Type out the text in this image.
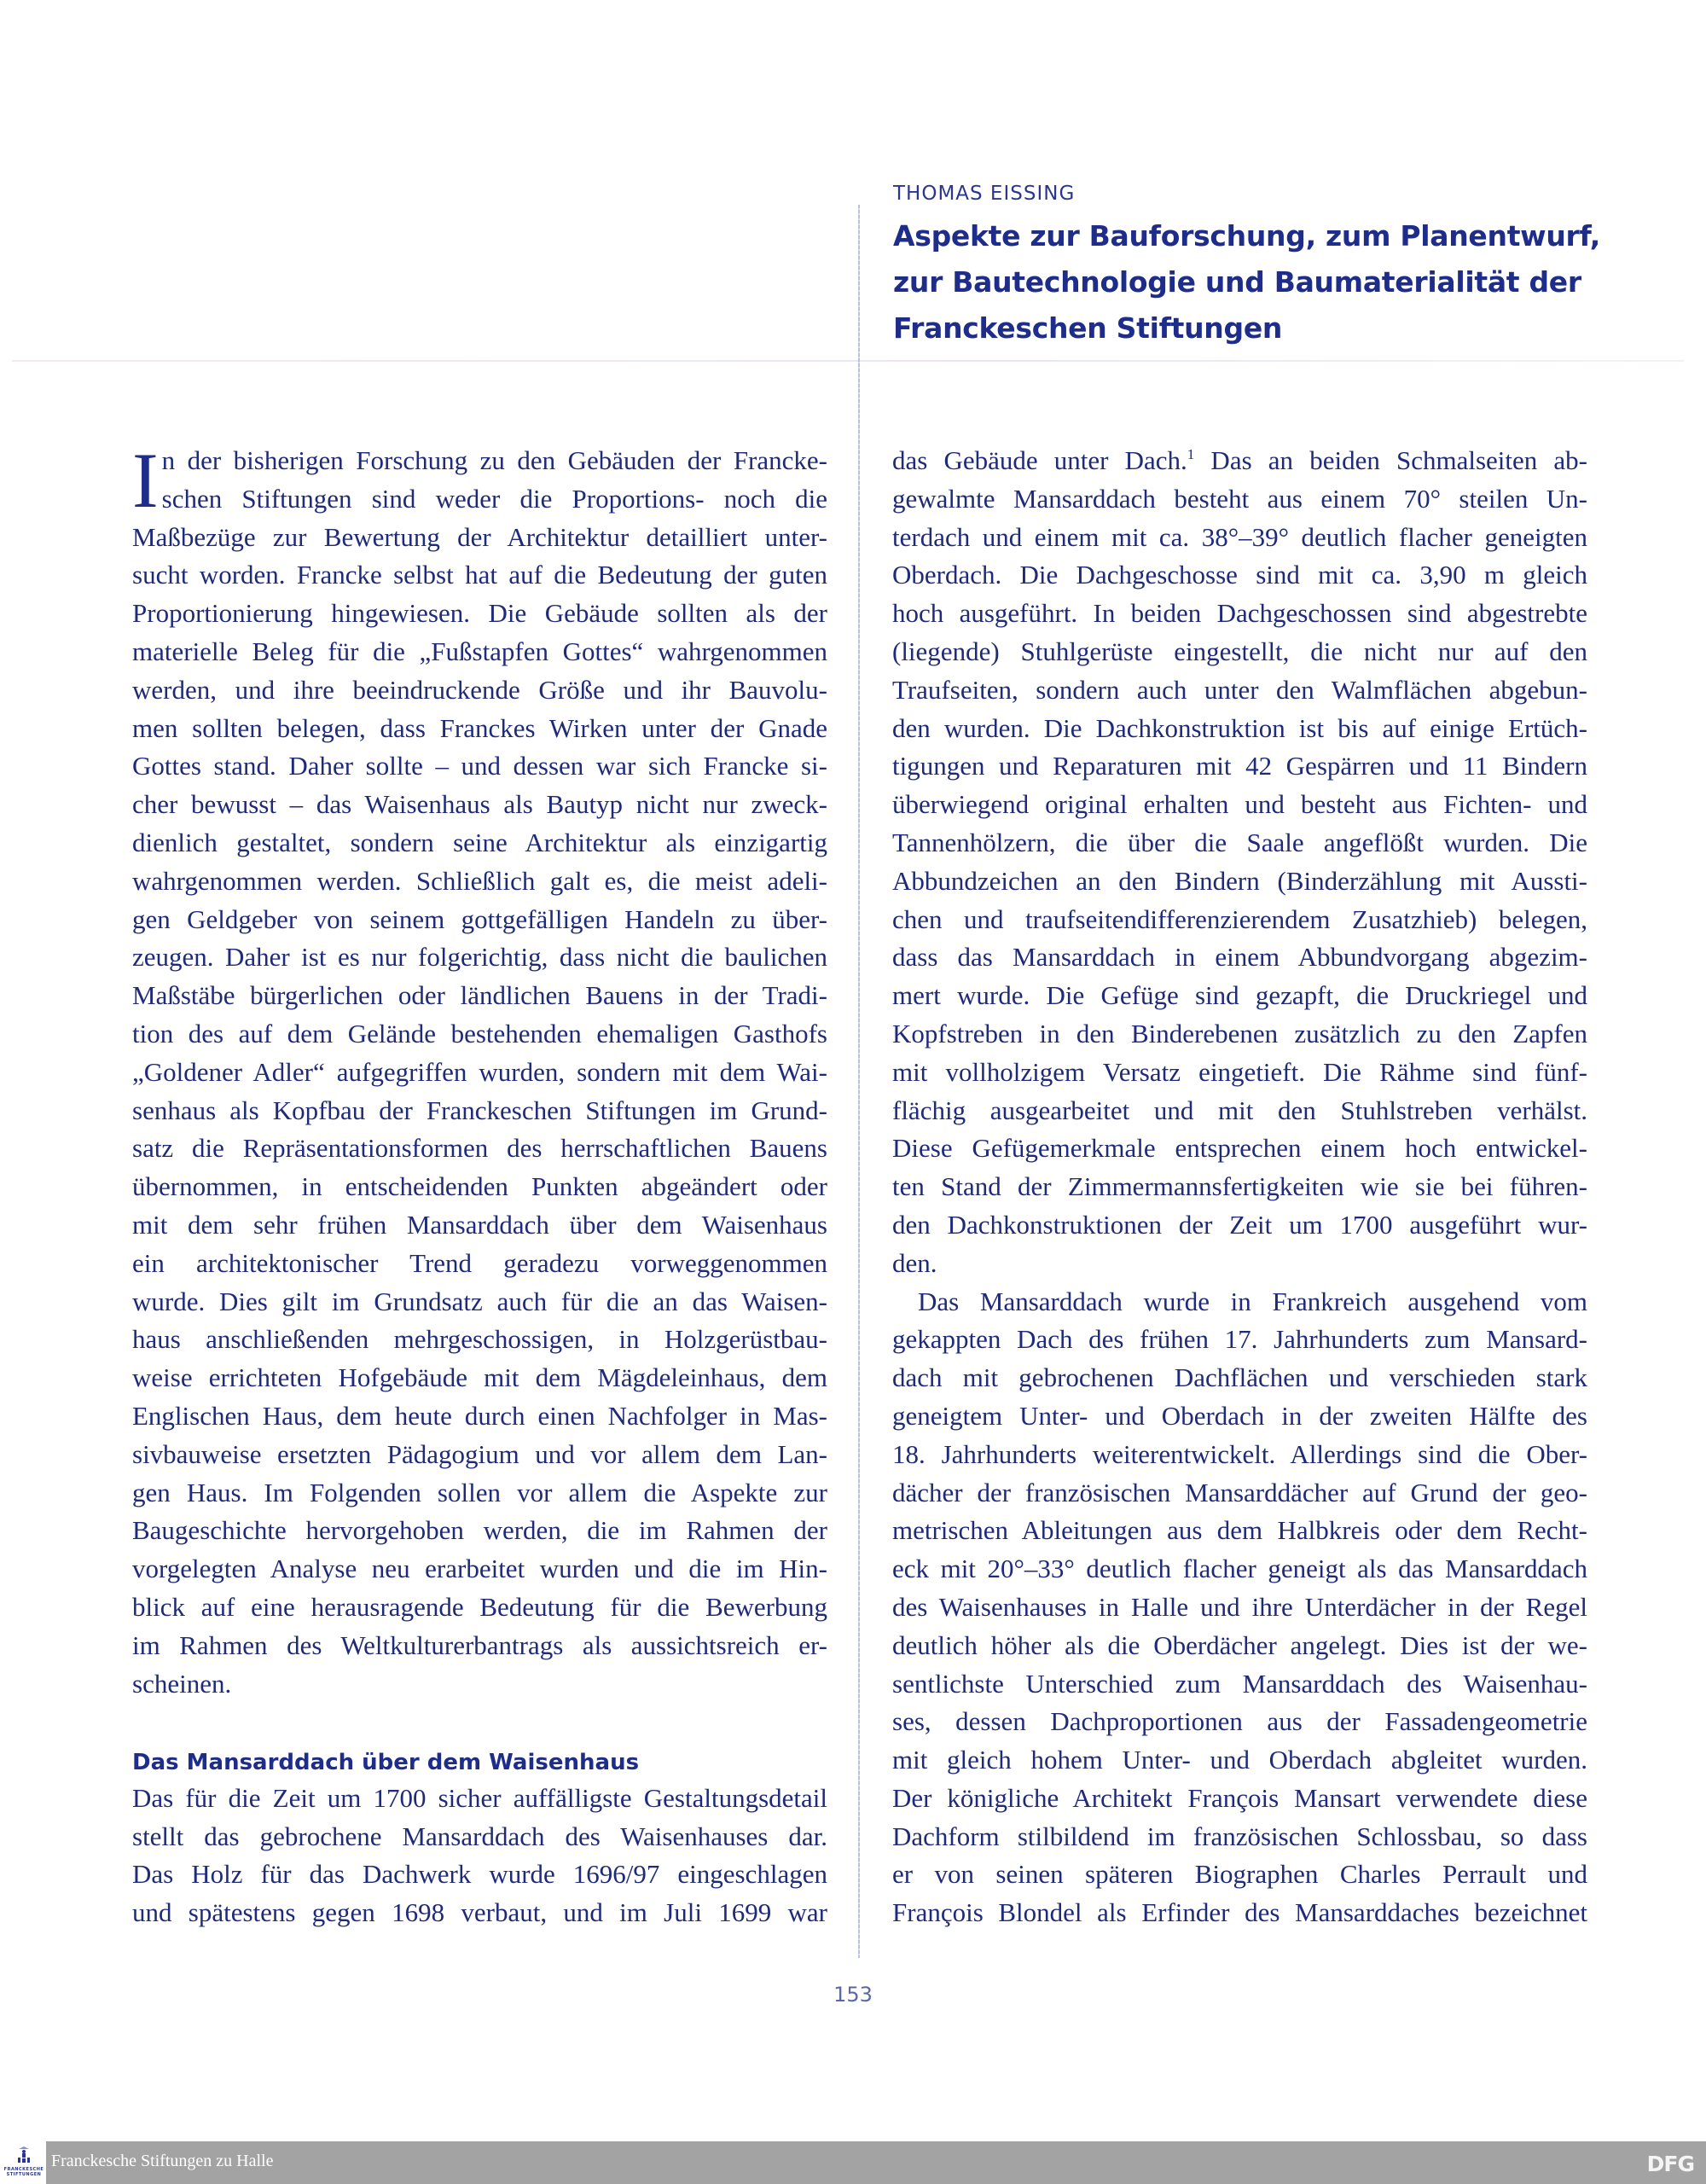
THOMAS EISSING
Aspekte zur Bauforschung, zum Planentwurf,
zur Bautechnologie und Baumaterialität der
Franckeschen Stiftungen
I n der bisherigen Forschung zu den Gebäuden der Francke-
schen Stiftungen sind weder die Proportions- noch die
Maßbezüge zur Bewertung der Architektur detailliert unter-
sucht worden. Francke selbst hat auf die Bedeutung der guten
Proportionierung hingewiesen. Die Gebäude sollten als der
materielle Beleg für die „Fußstapfen Gottes“ wahrgenommen
werden, und ihre beeindruckende Größe und ihr Bauvolu-
men sollten belegen, dass Franckes Wirken unter der Gnade
Gottes stand. Daher sollte – und dessen war sich Francke si-
cher bewusst – das Waisenhaus als Bautyp nicht nur zweck-
dienlich gestaltet, sondern seine Architektur als einzigartig
wahrgenommen werden. Schließlich galt es, die meist adeli-
gen Geldgeber von seinem gottgefälligen Handeln zu über-
zeugen. Daher ist es nur folgerichtig, dass nicht die baulichen
Maßstäbe bürgerlichen oder ländlichen Bauens in der Tradi-
tion des auf dem Gelände bestehenden ehemaligen Gasthofs
„Goldener Adler“ aufgegriffen wurden, sondern mit dem Wai-
senhaus als Kopfbau der Franckeschen Stiftungen im Grund-
satz die Repräsentationsformen des herrschaftlichen Bauens
übernommen, in entscheidenden Punkten abgeändert oder
mit dem sehr frühen Mansarddach über dem Waisenhaus
ein architektonischer Trend geradezu vorweggenommen
wurde. Dies gilt im Grundsatz auch für die an das Waisen-
haus anschließenden mehrgeschossigen, in Holzgerüstbau-
weise errichteten Hofgebäude mit dem Mägdeleinhaus, dem
Englischen Haus, dem heute durch einen Nachfolger in Mas-
sivbauweise ersetzten Pädagogium und vor allem dem Lan-
gen Haus. Im Folgenden sollen vor allem die Aspekte zur
Baugeschichte hervorgehoben werden, die im Rahmen der
vorgelegten Analyse neu erarbeitet wurden und die im Hin-
blick auf eine herausragende Bedeutung für die Bewerbung
im Rahmen des Weltkulturerbantrags als aussichtsreich er-
scheinen.
Das Mansarddach über dem Waisenhaus
Das für die Zeit um 1700 sicher auffälligste Gestaltungsdetail
stellt das gebrochene Mansarddach des Waisenhauses dar.
Das Holz für das Dachwerk wurde 1696/97 eingeschlagen
und spätestens gegen 1698 verbaut, und im Juli 1699 war
das Gebäude unter Dach.$^1$ Das an beiden Schmalseiten ab-
gewalmte Mansarddach besteht aus einem 70° steilen Un-
terdach und einem mit ca. 38°–39° deutlich flacher geneigten
Oberdach. Die Dachgeschosse sind mit ca. 3,90 m gleich
hoch ausgeführt. In beiden Dachgeschossen sind abgestrebte
(liegende) Stuhlgerüste eingestellt, die nicht nur auf den
Traufseiten, sondern auch unter den Walmflächen abgebun-
den wurden. Die Dachkonstruktion ist bis auf einige Ertüch-
tigungen und Reparaturen mit 42 Gespärren und 11 Bindern
überwiegend original erhalten und besteht aus Fichten- und
Tannenhölzern, die über die Saale angeflößt wurden. Die
Abbundzeichen an den Bindern (Binderzählung mit Aussti-
chen und traufseitendifferenzierendem Zusatzhieb) belegen,
dass das Mansarddach in einem Abbundvorgang abgezim-
mert wurde. Die Gefüge sind gezapft, die Druckriegel und
Kopfstreben in den Binderebenen zusätzlich zu den Zapfen
mit vollholzigem Versatz eingetieft. Die Rähme sind fünf-
flächig ausgearbeitet und mit den Stuhlstreben verhälst.
Diese Gefügemerkmale entsprechen einem hoch entwickel-
ten Stand der Zimmermannsfertigkeiten wie sie bei führen-
den Dachkonstruktionen der Zeit um 1700 ausgeführt wur-
den.
Das Mansarddach wurde in Frankreich ausgehend vom
gekappten Dach des frühen 17. Jahrhunderts zum Mansard-
dach mit gebrochenen Dachflächen und verschieden stark
geneigtem Unter- und Oberdach in der zweiten Hälfte des
18. Jahrhunderts weiterentwickelt. Allerdings sind die Ober-
dächer der französischen Mansarddächer auf Grund der geo-
metrischen Ableitungen aus dem Halbkreis oder dem Recht-
eck mit 20°–33° deutlich flacher geneigt als das Mansarddach
des Waisenhauses in Halle und ihre Unterdächer in der Regel
deutlich höher als die Oberdächer angelegt. Dies ist der we-
sentlichste Unterschied zum Mansarddach des Waisenhau-
ses, dessen Dachproportionen aus der Fassadengeometrie
mit gleich hohem Unter- und Oberdach abgleitet wurden.
Der königliche Architekt François Mansart verwendete diese
Dachform stilbildend im französischen Schlossbau, so dass
er von seinen späteren Biographen Charles Perrault und
François Blondel als Erfinder des Mansarddaches bezeichnet
153
FRANCKESCHE
STIFTUNGEN
Franckesche Stiftungen zu Halle	DFG
